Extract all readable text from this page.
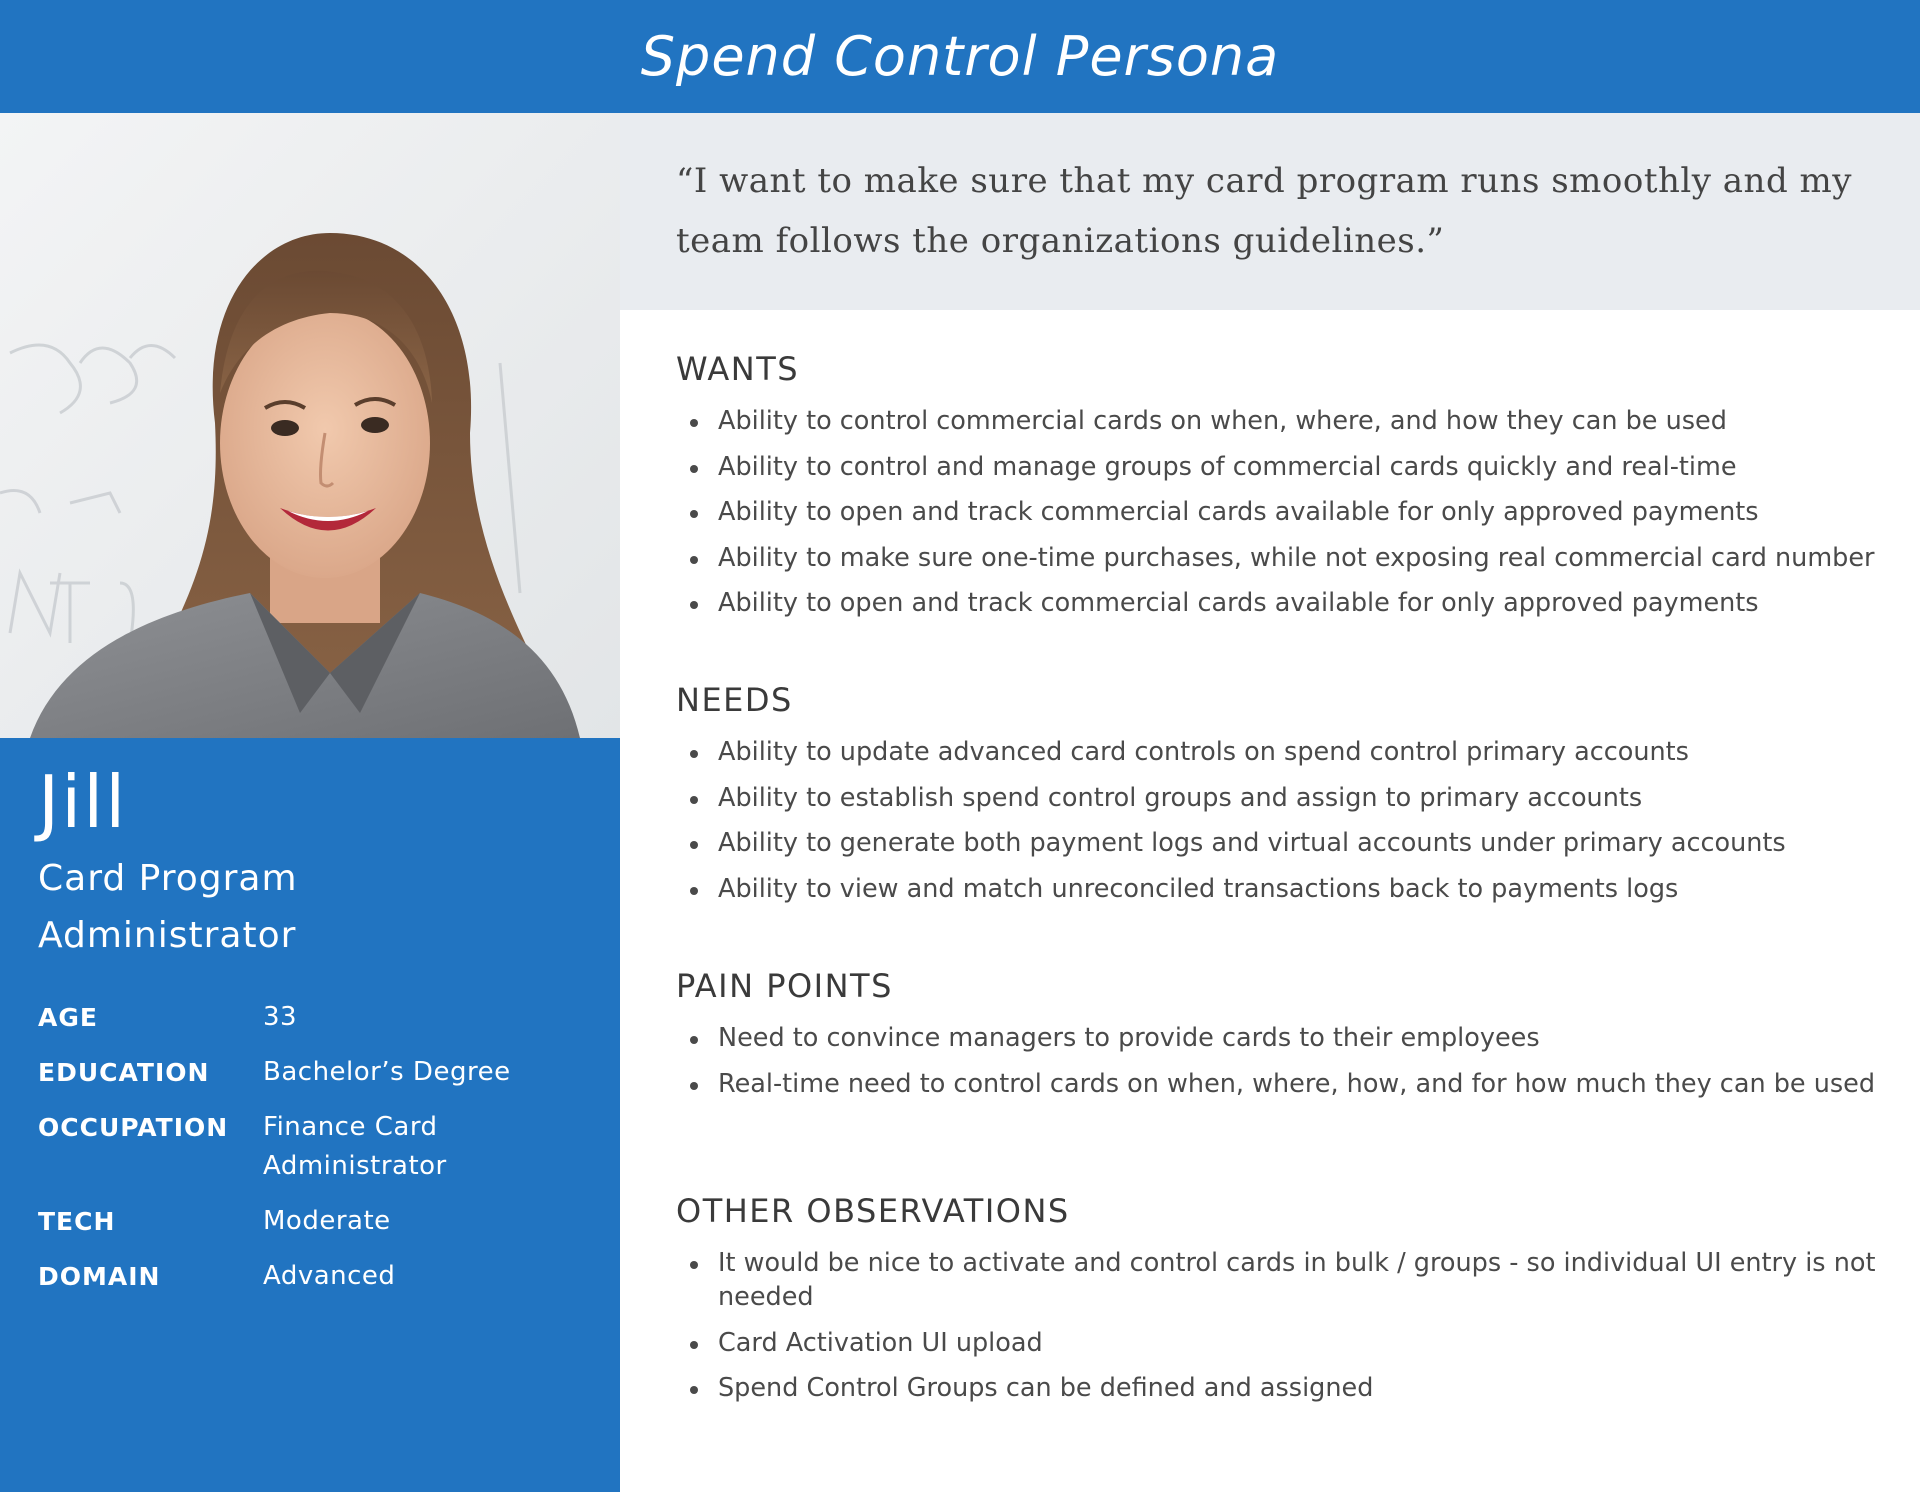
Spend Control Persona
Jill

Card Program Administrator

AGE	33
EDUCATION	Bachelor’s Degree
OCCUPATION	Finance Card Administrator
TECH	Moderate
DOMAIN	Advanced

“I want to make sure that my card program runs smoothly and my team follows the organizations guidelines.”

WANTS
Ability to control commercial cards on when, where, and how they can be used
Ability to control and manage groups of commercial cards quickly and real-time
Ability to open and track commercial cards available for only approved payments
Ability to make sure one-time purchases, while not exposing real commercial card number
Ability to open and track commercial cards available for only approved payments
NEEDS
Ability to update advanced card controls on spend control primary accounts
Ability to establish spend control groups and assign to primary accounts
Ability to generate both payment logs and virtual accounts under primary accounts
Ability to view and match unreconciled transactions back to payments logs
PAIN POINTS
Need to convince managers to provide cards to their employees
Real-time need to control cards on when, where, how, and for how much they can be used
OTHER OBSERVATIONS
It would be nice to activate and control cards in bulk / groups - so individual UI entry is not needed
Card Activation UI upload
Spend Control Groups can be defined and assigned
